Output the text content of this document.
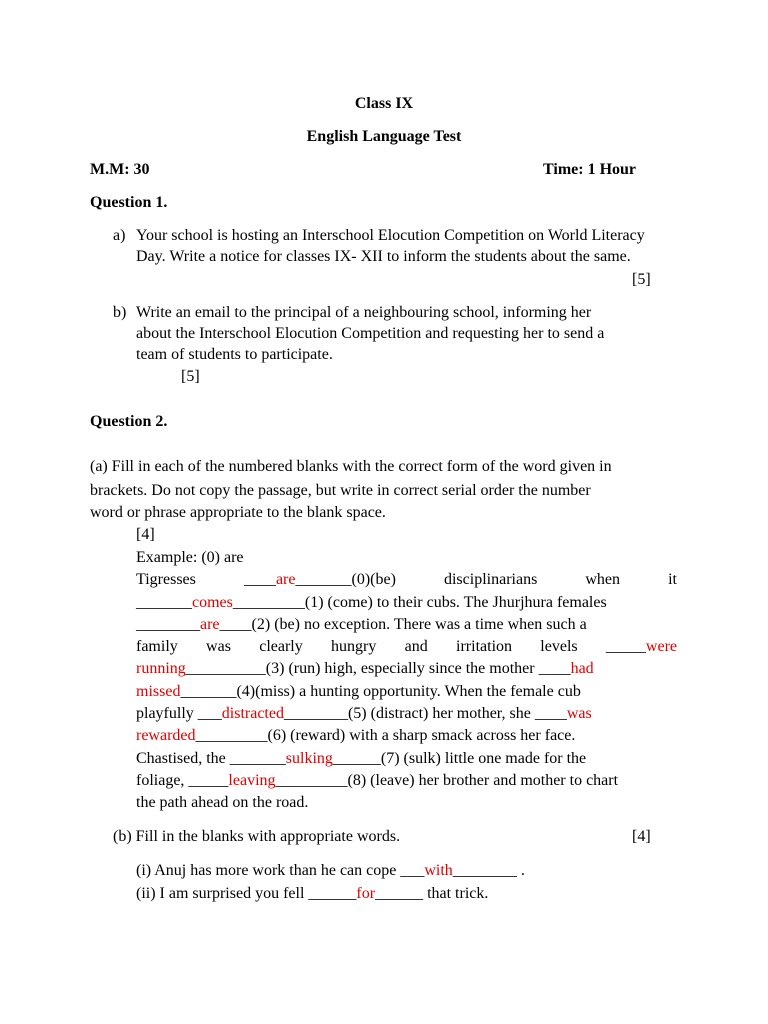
Class IX
English Language Test
M.M: 30	Time: 1 Hour
Question 1.
a) Your school is hosting an Interschool Elocution Competition on World Literacy
Day. Write a notice for classes IX- XII to inform the students about the same.
[5]
b) Write an email to the principal of a neighbouring school, informing her
about the Interschool Elocution Competition and requesting her to send a
team of students to participate.
[5]
Question 2.
(a) Fill in each of the numbered blanks with the correct form of the word given in
brackets. Do not copy the passage, but write in correct serial order the number
word or phrase appropriate to the blank space.
[4]
Example: (0) are
Tigresses	____are_______(0)(be)	disciplinarians	when	it
_______comes_________(1) (come) to their cubs. The Jhurjhura females
________are____(2) (be) no exception. There was a time when such a
family was clearly hungry and irritation levels _____were
running__________(3) (run) high, especially since the mother ____had
missed_______(4)(miss) a hunting opportunity. When the female cub
playfully ___distracted________(5) (distract) her mother, she ____was
rewarded_________(6) (reward) with a sharp smack across her face.
Chastised, the _______sulking______(7) (sulk) little one made for the
foliage, _____leaving_________(8) (leave) her brother and mother to chart
the path ahead on the road.
(b) Fill in the blanks with appropriate words.	[4]
(i) Anuj has more work than he can cope ___with________ .
(ii) I am surprised you fell ______for______ that trick.
